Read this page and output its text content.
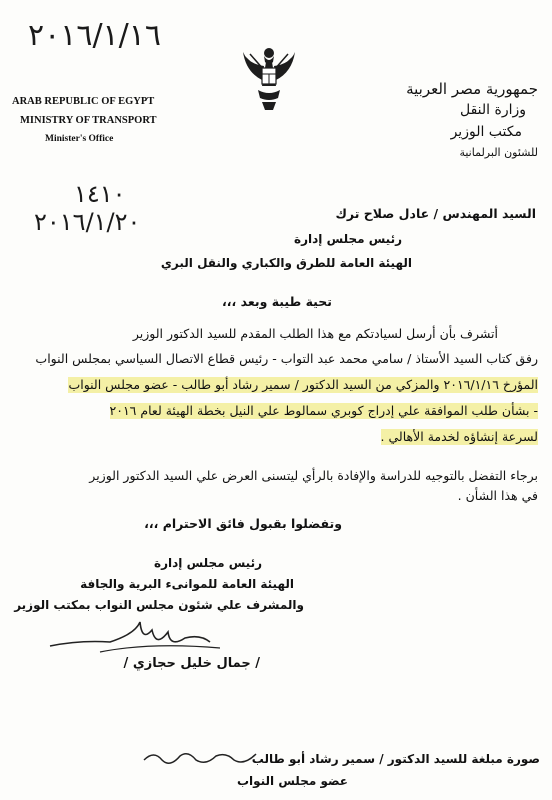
٢٠١٦/١/١٦
ARAB REPUBLIC OF EGYPT
MINISTRY OF TRANSPORT
Minister's Office
جمهورية مصر العربية
وزارة النقل
مكتب الوزير
للشئون البرلمانية
١٤١٠
٢٠١٦/١/٢٠	السيد المهندس / عادل صلاح ترك
رئيس مجلس إدارة
الهيئة العامة للطرق والكباري والنقل البري
تحية طيبة وبعد ،،،
أتشرف بأن أرسل لسيادتكم مع هذا الطلب المقدم للسيد الدكتور الوزير
رفق كتاب السيد الأستاذ / سامي محمد عبد التواب - رئيس قطاع الاتصال السياسي بمجلس النواب
المؤرخ ٢٠١٦/١/١٦ والمزكي من السيد الدكتور / سمير رشاد أبو طالب - عضو مجلس النواب
- بشأن طلب الموافقة علي إدراج كوبري سمالوط علي النيل بخطة الهيئة لعام ٢٠١٦
لسرعة إنشاؤه لخدمة الأهالي .
برجاء التفضل بالتوجيه للدراسة والإفادة بالرأي ليتسنى العرض علي السيد الدكتور الوزير
في هذا الشأن .
وتفضلوا بقبول فائق الاحترام ،،،
رئيس مجلس إدارة
الهيئة العامة للموانىء البرية والجافة
والمشرف علي شئون مجلس النواب بمكتب الوزير
/ جمال خليل حجازي /
صورة مبلغة للسيد الدكتور / سمير رشاد أبو طالب
عضو مجلس النواب
